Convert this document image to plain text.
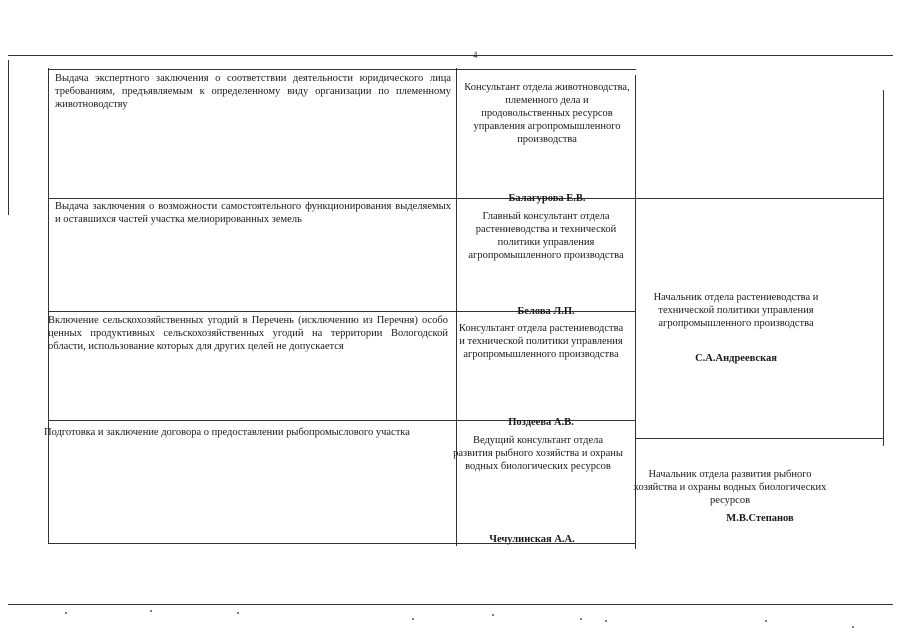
Выдача экспертного заключения о соответствии деятельности юридического лица требованиям, предъявляемым к определенному виду организации по племенному животноводству
Консультант отдела животноводства, племенного дела и продовольственных ресурсов управления агропромышленного производства
Балагурова Е.В.
Выдача заключения о возможности самостоятельного функционирования выделяемых и оставшихся частей участка мелиорированных земель	Главный консультант отдела растениеводства и технической политики управления агропромышленного производства
Белова Л.П.
Включение сельскохозяйственных угодий в Перечень (исключению из Перечня) особо ценных продуктивных сельскохозяйственных угодий на территории Вологодской области, использование которых для других целей не допускается
Консультант отдела растениеводства и технической политики управления агропромышленного производства
Поздеева А.В.
Подготовка и заключение договора о предоставлении рыбопромыслового участка
Ведущий консультант отдела развития рыбного хозяйства и охраны водных биологических ресурсов
Чечулинская А.А.
Начальник отдела растениеводства и технической политики управления агропромышленного производства
С.А.Андреевская
Начальник отдела развития рыбного хозяйства и охраны водных биологических ресурсов
М.В.Степанов
